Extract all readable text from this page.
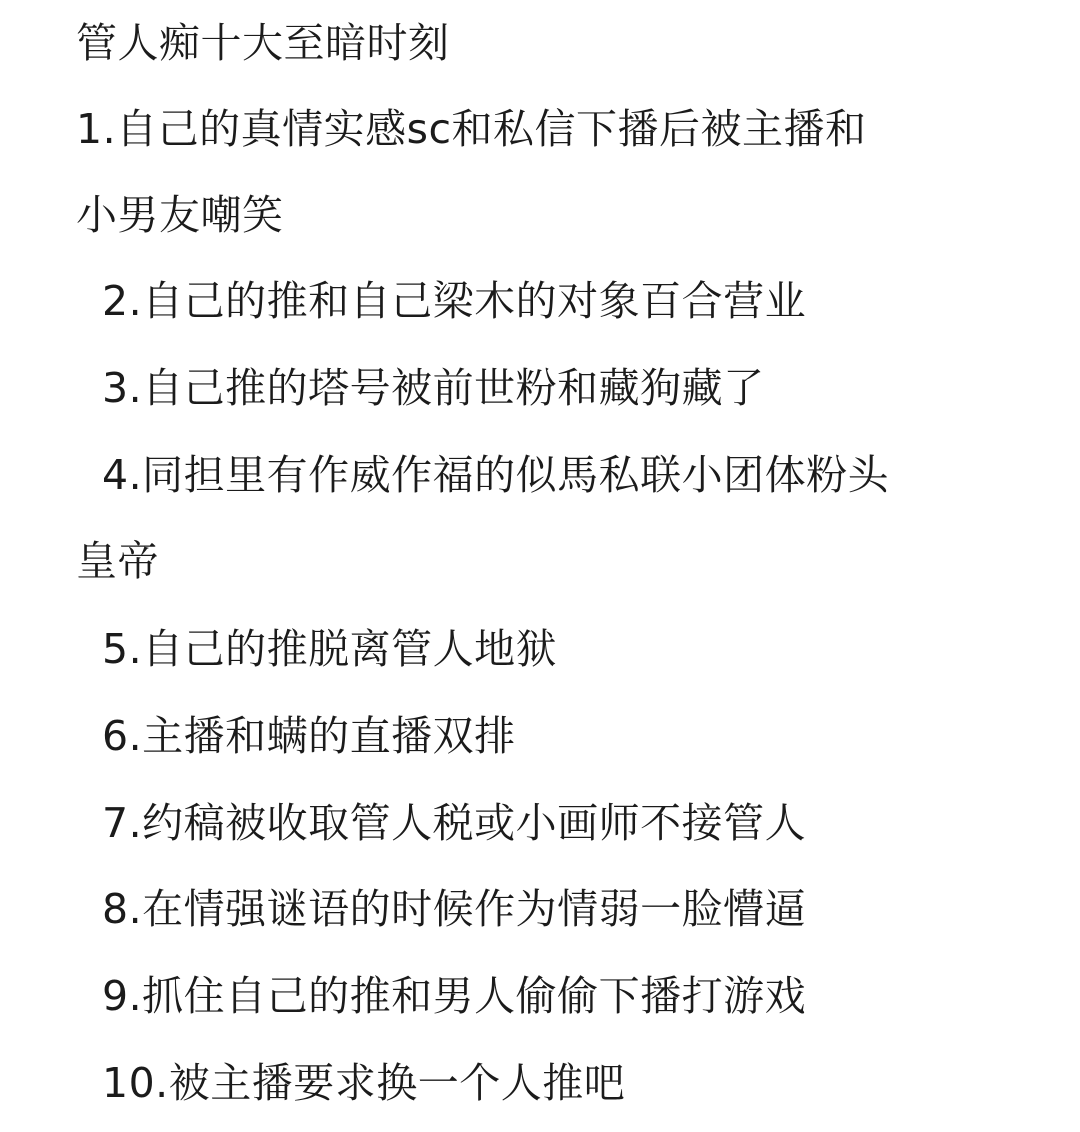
管人痴十大至暗时刻
1.自己的真情实感sc和私信下播后被主播和
小男友嘲笑
2.自己的推和自己梁木的对象百合营业
3.自己推的塔号被前世粉和藏狗藏了
4.同担里有作威作福的似馬私联小团体粉头
皇帝
5.自己的推脱离管人地狱
6.主播和螨的直播双排
7.约稿被收取管人税或小画师不接管人
8.在情强谜语的时候作为情弱一脸懵逼
9.抓住自己的推和男人偷偷下播打游戏
10.被主播要求换一个人推吧
